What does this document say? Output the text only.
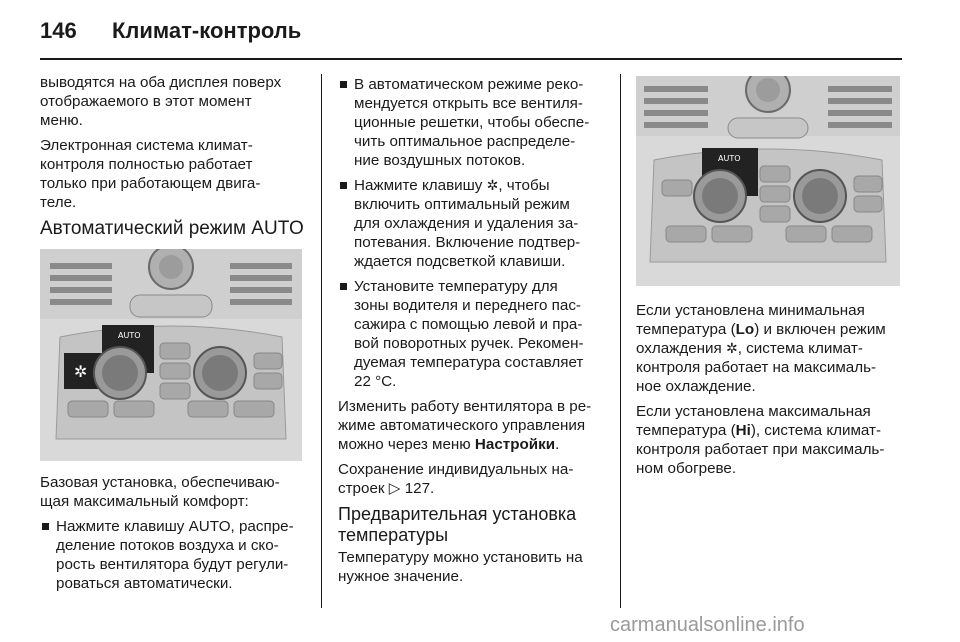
146 Климат-контроль

выводятся на оба дисплея поверх
отображаемого в этот момент
меню.

Электронная система климат-
контроля полностью работает
только при работающем двига-
теле.

Автоматический режим AUTO
AUTO
✲

Базовая установка, обеспечиваю-
щая максимальный комфорт:

Нажмите клавишу AUTO, распре-
деление потоков воздуха и ско-
рость вентилятора будут регули-
роваться автоматически.
В автоматическом режиме реко-
мендуется открыть все вентиля-
ционные решетки, чтобы обеспе-
чить оптимальное распределе-
ние воздушных потоков.
Нажмите клавишу ✲, чтобы
включить оптимальный режим
для охлаждения и удаления за-
потевания. Включение подтвер-
ждается подсветкой клавиши.
Установите температуру для
зоны водителя и переднего пас-
сажира с помощью левой и пра-
вой поворотных ручек. Рекомен-
дуемая температура составляет
22 °C.

Изменить работу вентилятора в ре-
жиме автоматического управления
можно через меню Настройки.

Сохранение индивидуальных на-
строек ▷ 127.

Предварительная установка
температуры

Температуру можно установить на
нужное значение.

AUTO

Если установлена минимальная
температура (Lo) и включен режим
охлаждения ✲, система климат-
контроля работает на максималь-
ное охлаждение.

Если установлена максимальная
температура (Hi), система климат-
контроля работает при максималь-
ном обогреве.

carmanualsonline.info
